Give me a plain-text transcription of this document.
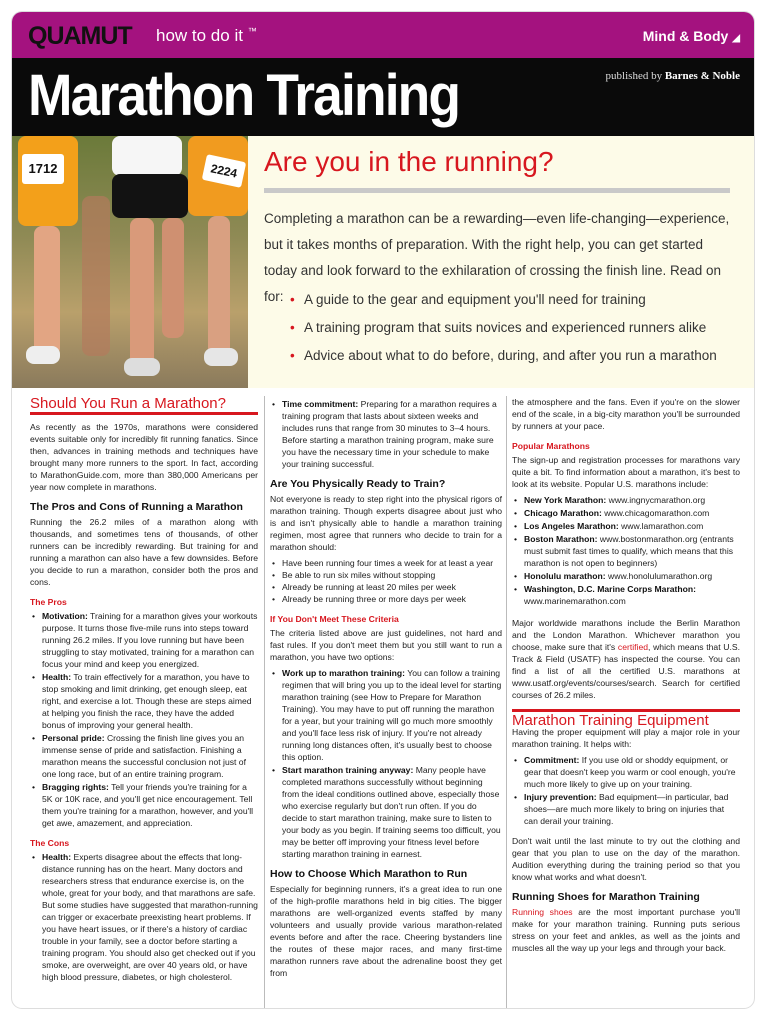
QUAMUT how to do it ™	Mind & Body ◢
Marathon Training	published by Barnes & Noble
1712	2224 Are you in the running?
Completing a marathon can be a rewarding—even life-changing—experience, but it takes months of preparation. With the right help, you can get started today and look forward to the exhilaration of crossing the finish line. Read on for:
•	A guide to the gear and equipment you'll need for training
• A training program that suits novices and experienced runners alike
• Advice about what to do before, during, and after you run a marathon
Should You Run a Marathon?

As recently as the 1970s, marathons were considered events suitable only for incredibly fit running fanatics. Since then, advances in training methods and techniques have brought many more runners to the sport. In fact, according to MarathonGuide.com, more than 380,000 Americans per year now complete in marathons.

The Pros and Cons of Running a Marathon

Running the 26.2 miles of a marathon along with thousands, and sometimes tens of thousands, of other runners can be incredibly rewarding. But training for and running a marathon can also have a few downsides. Before you decide to run a marathon, consider both the pros and cons.

The Pros
• Motivation: Training for a marathon gives your workouts purpose. It turns those five-mile runs into steps toward running 26.2 miles. If you love running but have been struggling to stay motivated, training for a marathon can focus your mind and keep you energized.
• Health: To train effectively for a marathon, you have to stop smoking and limit drinking, get enough sleep, eat right, and exercise a lot. Though these are steps aimed at helping you finish the race, they have the added bonus of improving your general health.
• Personal pride: Crossing the finish line gives you an immense sense of pride and satisfaction. Finishing a marathon means the successful conclusion not just of one long race, but of an entire training program.
• Bragging rights: Tell your friends you're training for a 5K or 10K race, and you'll get nice encouragement. Tell them you're training for a marathon, however, and you'll get awe, amazement, and appreciation.
The Cons
• Health: Experts disagree about the effects that long-distance running has on the heart. Many doctors and researchers stress that endurance exercise is, on the whole, great for your body, and that marathons are safe. But some studies have suggested that marathon-running can trigger or exacerbate preexisting heart problems. If you have heart issues, or if there's a history of cardiac trouble in your family, see a doctor before starting a training program. You should also get checked out if you smoke, are overweight, are over 40 years old, or have high blood pressure, diabetes, or high cholesterol.
• Time commitment: Preparing for a marathon requires a training program that lasts about sixteen weeks and includes runs that range from 30 minutes to 3–4 hours. Before starting a marathon training program, make sure you have the necessary time in your schedule to make your training successful.
Are You Physically Ready to Train?

Not everyone is ready to step right into the physical rigors of marathon training. Though experts disagree about just who is and isn't physically able to handle a marathon training regimen, most agree that runners who decide to train for a marathon should:

• Have been running four times a week for at least a year
• Be able to run six miles without stopping
• Already be running at least 20 miles per week
• Already be running three or more days per week
If You Don't Meet These Criteria

The criteria listed above are just guidelines, not hard and fast rules. If you don't meet them but you still want to run a marathon, you have two options:

• Work up to marathon training: You can follow a training regimen that will bring you up to the ideal level for starting marathon training (see How to Prepare for Marathon Training). You may have to put off running the marathon for a year, but your training will go much more smoothly and you'll face less risk of injury. If you're not already running long distances often, it's usually best to choose this option.
• Start marathon training anyway: Many people have completed marathons successfully without beginning from the ideal conditions outlined above, especially those who exercise regularly but don't run often. If you do decide to start marathon training, make sure to listen to your body as you begin. If training seems too difficult, you may be better off improving your fitness level before starting marathon training in earnest.
How to Choose Which Marathon to Run

Especially for beginning runners, it's a great idea to run one of the high-profile marathons held in big cities. The bigger marathons are well-organized events staffed by many volunteers and usually provide various marathon-related events before and after the race. Cheering bystanders line the routes of these major races, and many first-time marathon runners rave about the adrenaline boost they get from

the atmosphere and the fans. Even if you're on the slower end of the scale, in a big-city marathon you'll be surrounded by runners at your pace.

Popular Marathons

The sign-up and registration processes for marathons vary quite a bit. To find information about a marathon, it's best to look at its website. Popular U.S. marathons include:

• New York Marathon: www.ingnycmarathon.org
• Chicago Marathon: www.chicagomarathon.com
• Los Angeles Marathon: www.lamarathon.com
• Boston Marathon: www.bostonmarathon.org (entrants must submit fast times to qualify, which means that this marathon is not open to beginners)
• Honolulu marathon: www.honolulumarathon.org
• Washington, D.C. Marine Corps Marathon: www.marinemarathon.com

Major worldwide marathons include the Berlin Marathon and the London Marathon. Whichever marathon you choose, make sure that it's certified, which means that U.S. Track & Field (USATF) has inspected the course. You can find a list of all the certified U.S. marathons at www.usatf.org/events/courses/search. Search for certified courses of 26.2 miles.

Marathon Training Equipment

Having the proper equipment will play a major role in your marathon training. It helps with:

• Commitment: If you use old or shoddy equipment, or gear that doesn't keep you warm or cool enough, you're much more likely to give up on your training.
• Injury prevention: Bad equipment—in particular, bad shoes—are much more likely to bring on injuries that can derail your training.

Don't wait until the last minute to try out the clothing and gear that you plan to use on the day of the marathon. Audition everything during the training period so that you know what works and what doesn't.

Running Shoes for Marathon Training

Running shoes are the most important purchase you'll make for your marathon training. Running puts serious stress on your feet and ankles, as well as the joints and muscles all the way up your legs and through your back.
